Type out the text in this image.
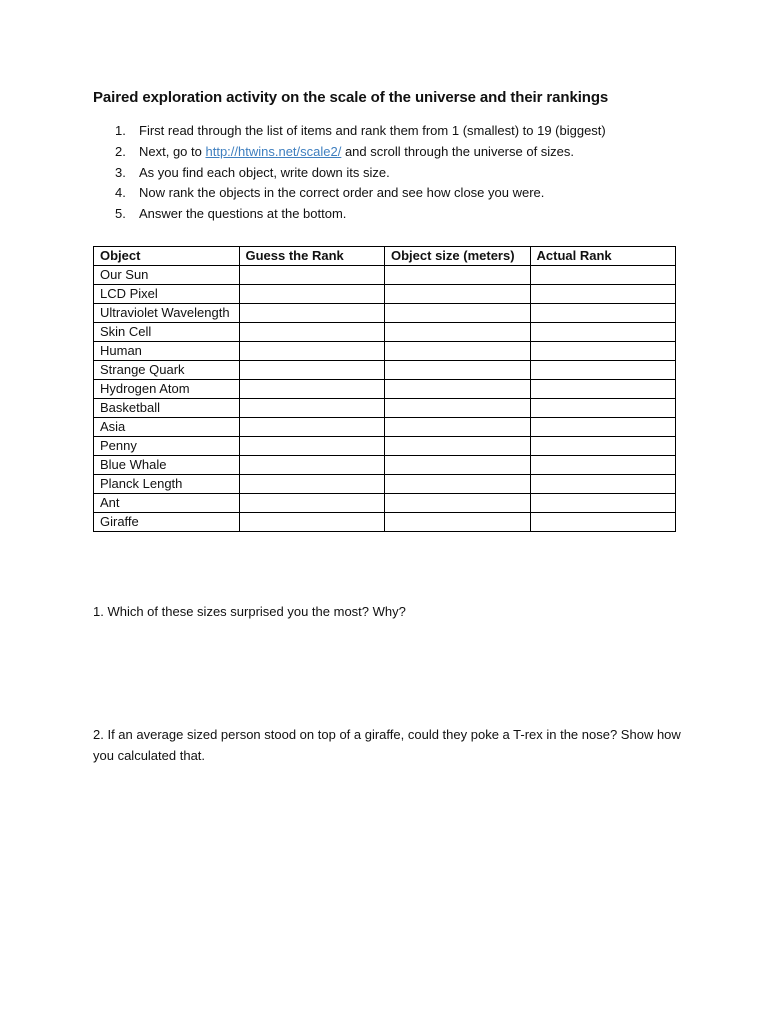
Paired exploration activity on the scale of the universe and their rankings
1. First read through the list of items and rank them from 1 (smallest) to 19 (biggest)
2. Next, go to http://htwins.net/scale2/ and scroll through the universe of sizes.
3. As you find each object, write down its size.
4. Now rank the objects in the correct order and see how close you were.
5. Answer the questions at the bottom.
Object	Guess the Rank	Object size (meters)	Actual Rank
Our Sun			
LCD Pixel			
Ultraviolet Wavelength			
Skin Cell			
Human			
Strange Quark			
Hydrogen Atom			
Basketball			
Asia			
Penny			
Blue Whale			
Planck Length			
Ant			
Giraffe			
1. Which of these sizes surprised you the most? Why?
2. If an average sized person stood on top of a giraffe, could they poke a T-rex in the nose? Show how you calculated that.
